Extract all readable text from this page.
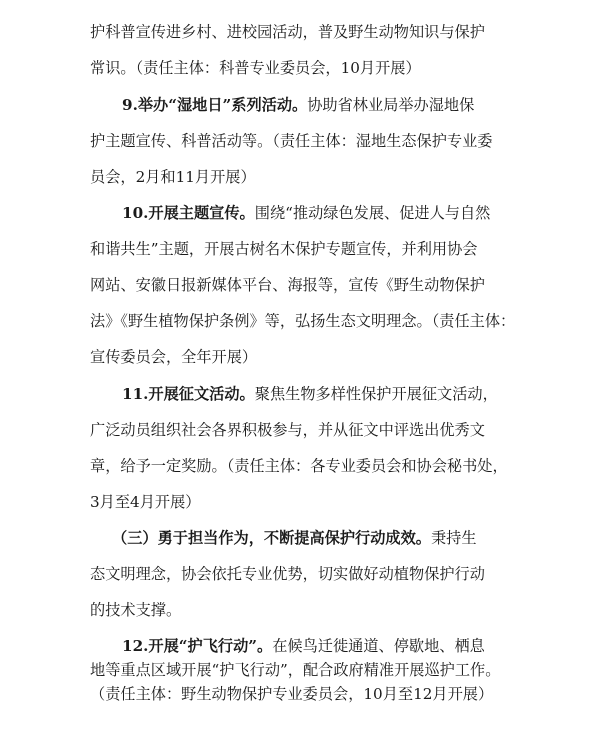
护科普宣传进乡村、进校园活动，普及野生动物知识与保护
常识。（责任主体：科普专业委员会，10月开展）
9.举办“湿地日”系列活动。协助省林业局举办湿地保
护主题宣传、科普活动等。（责任主体：湿地生态保护专业委
员会，2月和11月开展）
10.开展主题宣传。围绕“推动绿色发展、促进人与自然
和谐共生”主题，开展古树名木保护专题宣传，并利用协会
网站、安徽日报新媒体平台、海报等，宣传《野生动物保护
法》《野生植物保护条例》等，弘扬生态文明理念。（责任主体：
宣传委员会，全年开展）
11.开展征文活动。聚焦生物多样性保护开展征文活动，
广泛动员组织社会各界积极参与，并从征文中评选出优秀文
章，给予一定奖励。（责任主体：各专业委员会和协会秘书处，
3月至4月开展）
（三）勇于担当作为，不断提高保护行动成效。秉持生
态文明理念，协会依托专业优势，切实做好动植物保护行动
的技术支撑。
12.开展“护飞行动”。在候鸟迁徙通道、停歇地、栖息
地等重点区域开展“护飞行动”，配合政府精准开展巡护工作。
（责任主体：野生动物保护专业委员会，10月至12月开展）
